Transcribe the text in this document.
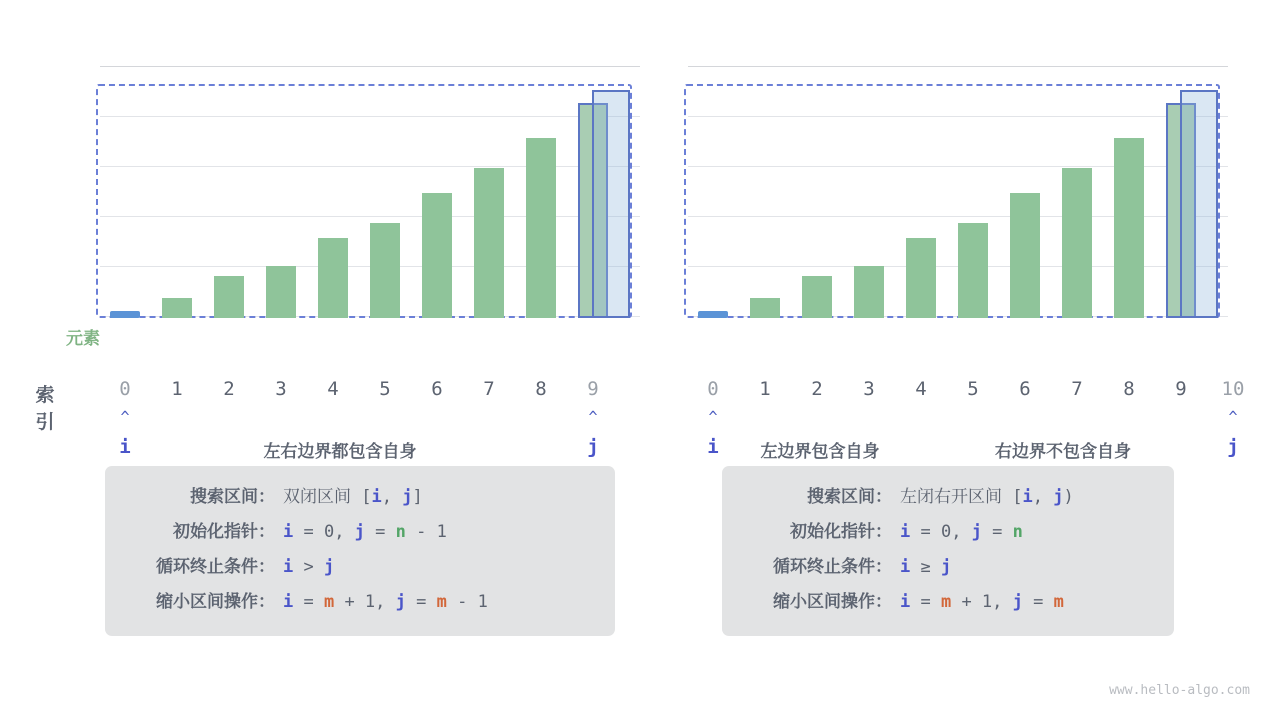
元素
索引
0	1	2	3	4	5	6	7	8	9
^
i
^
j
左右边界都包含自身
0	1	2	3	4	5	6	7	8	9	10
^
i
^
j
左边界包含自身	右边界不包含自身
搜索区间： 双闭区间 [i, j]
初始化指针： i = 0, j = n - 1
循环终止条件： i > j
缩小区间操作： i = m + 1, j = m - 1
搜索区间： 左闭右开区间 [i, j)
初始化指针： i = 0, j = n
循环终止条件： i ≥ j
缩小区间操作： i = m + 1, j = m
www.hello-algo.com
